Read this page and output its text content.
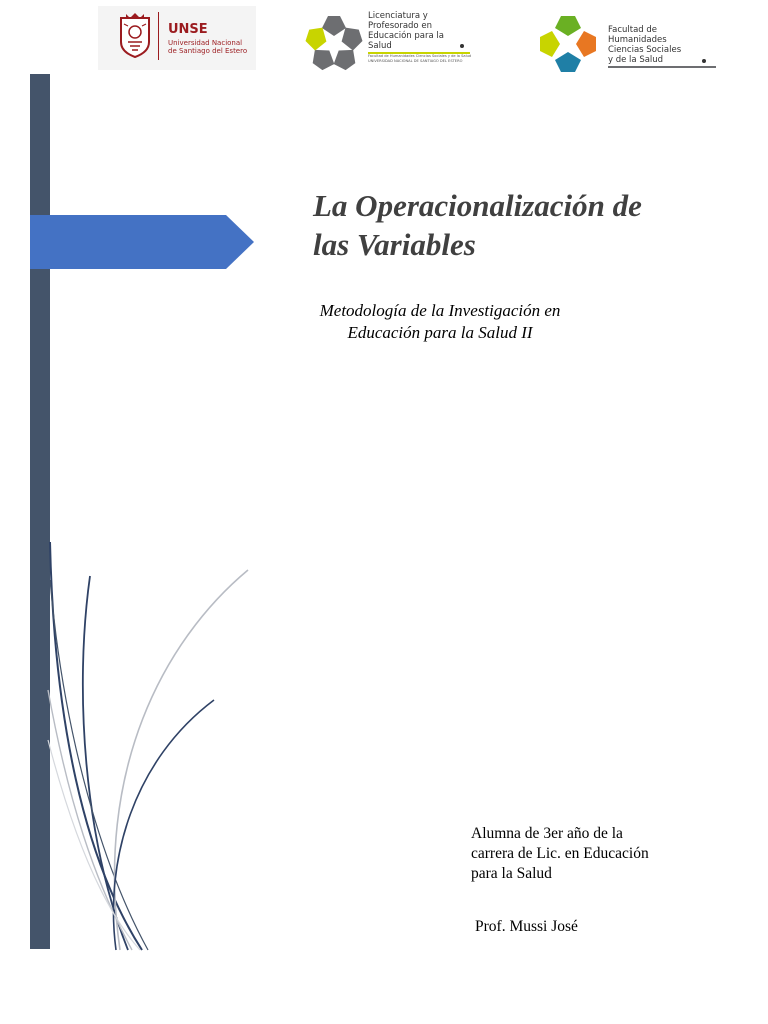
UNSE
Universidad Nacional
de Santiago del Estero
Licenciatura y
Profesorado en
Educación para la
Salud
Facultad de Humanidades Ciencias Sociales y de la Salud
UNIVERSIDAD NACIONAL DE SANTIAGO DEL ESTERO
Facultad de
Humanidades
Ciencias Sociales
y de la Salud
La Operacionalización de
las Variables

Metodología de la Investigación en
Educación para la Salud II

Alumna de 3er año de la
carrera de Lic. en Educación
para la Salud

Prof. Mussi José
